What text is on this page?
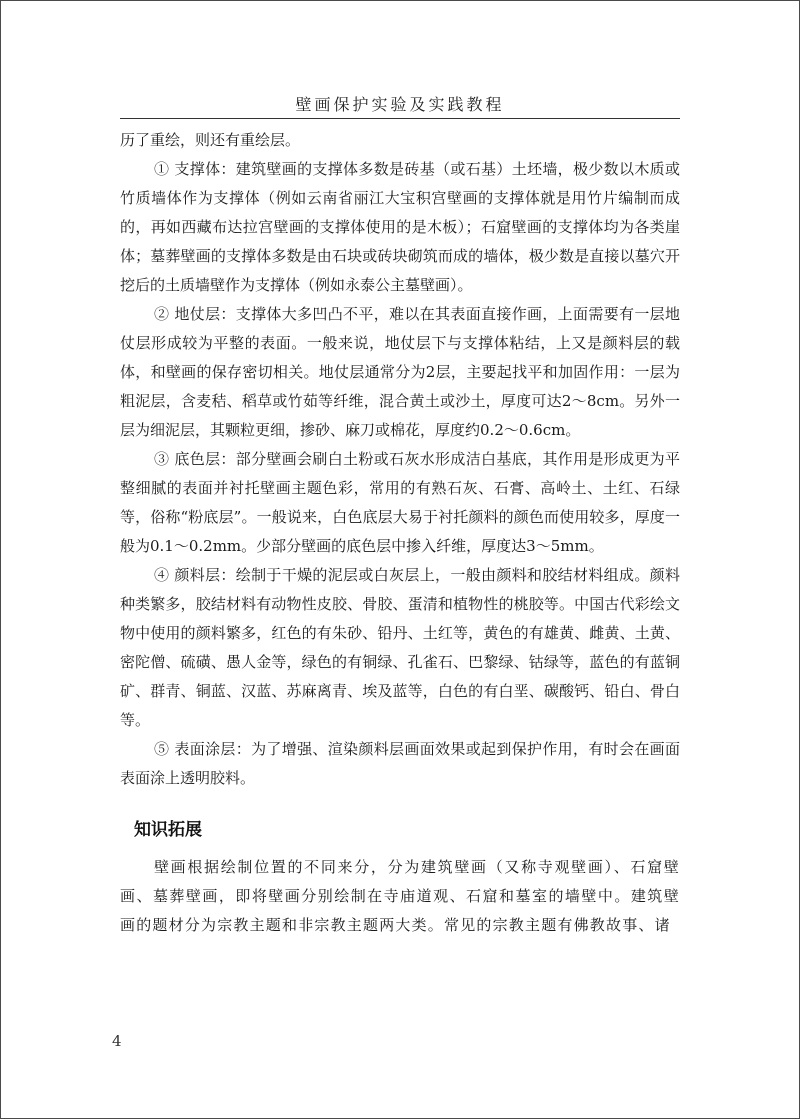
壁画保护实验及实践教程

历了重绘，则还有重绘层。

① 支撑体：建筑壁画的支撑体多数是砖基（或石基）土坯墙，极少数以木质或竹质墙体作为支撑体（例如云南省丽江大宝积宫壁画的支撑体就是用竹片编制而成的，再如西藏布达拉宫壁画的支撑体使用的是木板）；石窟壁画的支撑体均为各类崖体；墓葬壁画的支撑体多数是由石块或砖块砌筑而成的墙体，极少数是直接以墓穴开挖后的土质墙壁作为支撑体（例如永泰公主墓壁画）。

② 地仗层：支撑体大多凹凸不平，难以在其表面直接作画，上面需要有一层地仗层形成较为平整的表面。一般来说，地仗层下与支撑体粘结，上又是颜料层的载体，和壁画的保存密切相关。地仗层通常分为2层，主要起找平和加固作用：一层为粗泥层，含麦秸、稻草或竹茹等纤维，混合黄土或沙土，厚度可达2～8cm。另外一层为细泥层，其颗粒更细，掺砂、麻刀或棉花，厚度约0.2～0.6cm。

③ 底色层：部分壁画会刷白土粉或石灰水形成洁白基底，其作用是形成更为平整细腻的表面并衬托壁画主题色彩，常用的有熟石灰、石膏、高岭土、土红、石绿等，俗称“粉底层”。一般说来，白色底层大易于衬托颜料的颜色而使用较多，厚度一般为0.1～0.2mm。少部分壁画的底色层中掺入纤维，厚度达3～5mm。

④ 颜料层：绘制于干燥的泥层或白灰层上，一般由颜料和胶结材料组成。颜料种类繁多，胶结材料有动物性皮胶、骨胶、蛋清和植物性的桃胶等。中国古代彩绘文物中使用的颜料繁多，红色的有朱砂、铅丹、土红等，黄色的有雄黄、雌黄、土黄、密陀僧、硫磺、愚人金等，绿色的有铜绿、孔雀石、巴黎绿、钴绿等，蓝色的有蓝铜矿、群青、铜蓝、汉蓝、苏麻离青、埃及蓝等，白色的有白垩、碳酸钙、铅白、骨白等。

⑤ 表面涂层：为了增强、渲染颜料层画面效果或起到保护作用，有时会在画面表面涂上透明胶料。

知识拓展

壁画根据绘制位置的不同来分，分为建筑壁画（又称寺观壁画）、石窟壁画、墓葬壁画，即将壁画分别绘制在寺庙道观、石窟和墓室的墙壁中。建筑壁画的题材分为宗教主题和非宗教主题两大类。常见的宗教主题有佛教故事、诸

4
